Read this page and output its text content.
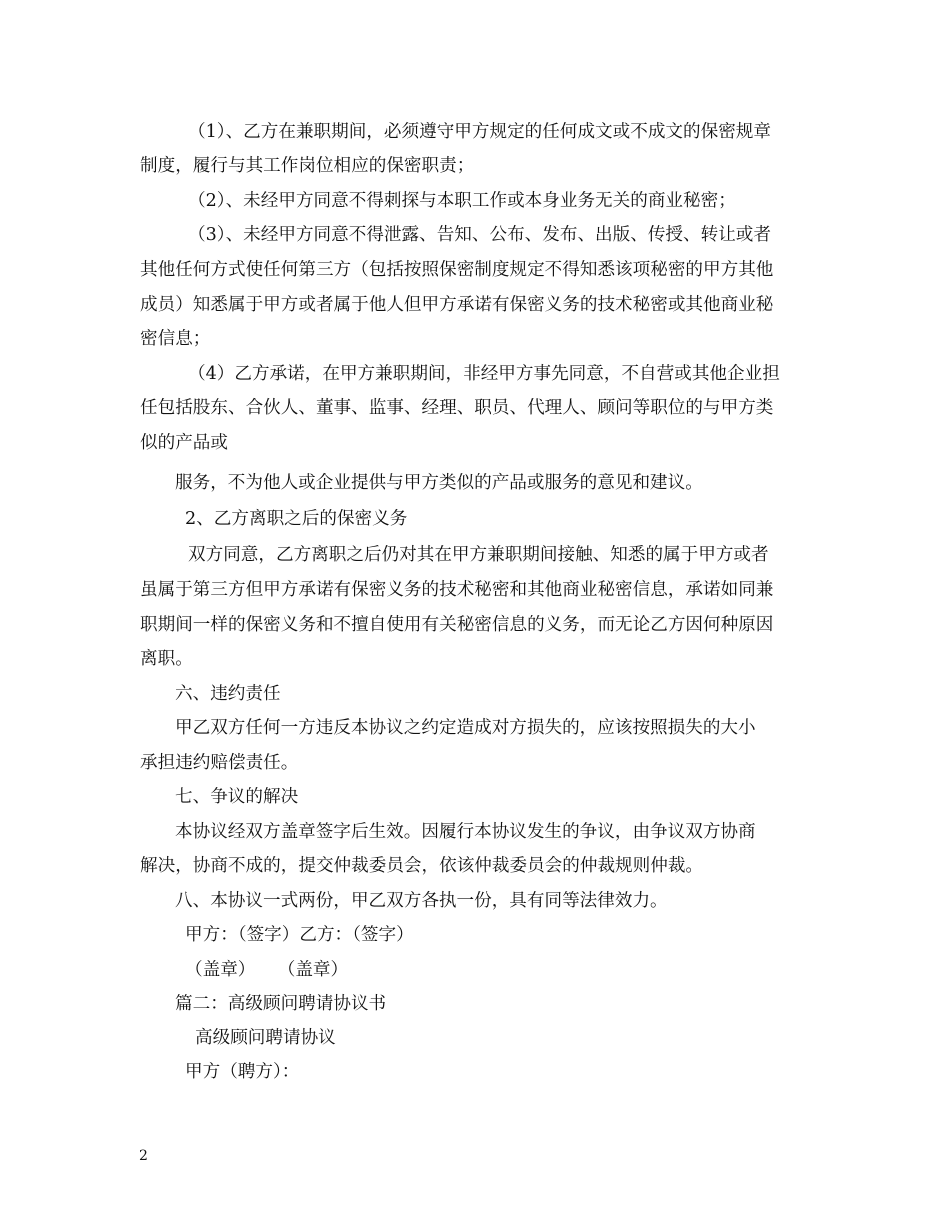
（1）、乙方在兼职期间，必须遵守甲方规定的任何成文或不成文的保密规章
制度，履行与其工作岗位相应的保密职责；
（2）、未经甲方同意不得刺探与本职工作或本身业务无关的商业秘密；
（3）、未经甲方同意不得泄露、告知、公布、发布、出版、传授、转让或者
其他任何方式使任何第三方（包括按照保密制度规定不得知悉该项秘密的甲方其他
成员）知悉属于甲方或者属于他人但甲方承诺有保密义务的技术秘密或其他商业秘
密信息；
（4）乙方承诺，在甲方兼职期间，非经甲方事先同意，不自营或其他企业担
任包括股东、合伙人、董事、监事、经理、职员、代理人、顾问等职位的与甲方类
似的产品或
服务，不为他人或企业提供与甲方类似的产品或服务的意见和建议。
2、乙方离职之后的保密义务
双方同意，乙方离职之后仍对其在甲方兼职期间接触、知悉的属于甲方或者
虽属于第三方但甲方承诺有保密义务的技术秘密和其他商业秘密信息，承诺如同兼
职期间一样的保密义务和不擅自使用有关秘密信息的义务，而无论乙方因何种原因
离职。
六、违约责任
甲乙双方任何一方违反本协议之约定造成对方损失的，应该按照损失的大小
承担违约赔偿责任。
七、争议的解决
本协议经双方盖章签字后生效。因履行本协议发生的争议，由争议双方协商
解决，协商不成的，提交仲裁委员会，依该仲裁委员会的仲裁规则仲裁。
八、本协议一式两份，甲乙双方各执一份，具有同等法律效力。
甲方：（签字）乙方：（签字）
（盖章）    （盖章）
篇二：高级顾问聘请协议书
高级顾问聘请协议
甲方（聘方）：
2
